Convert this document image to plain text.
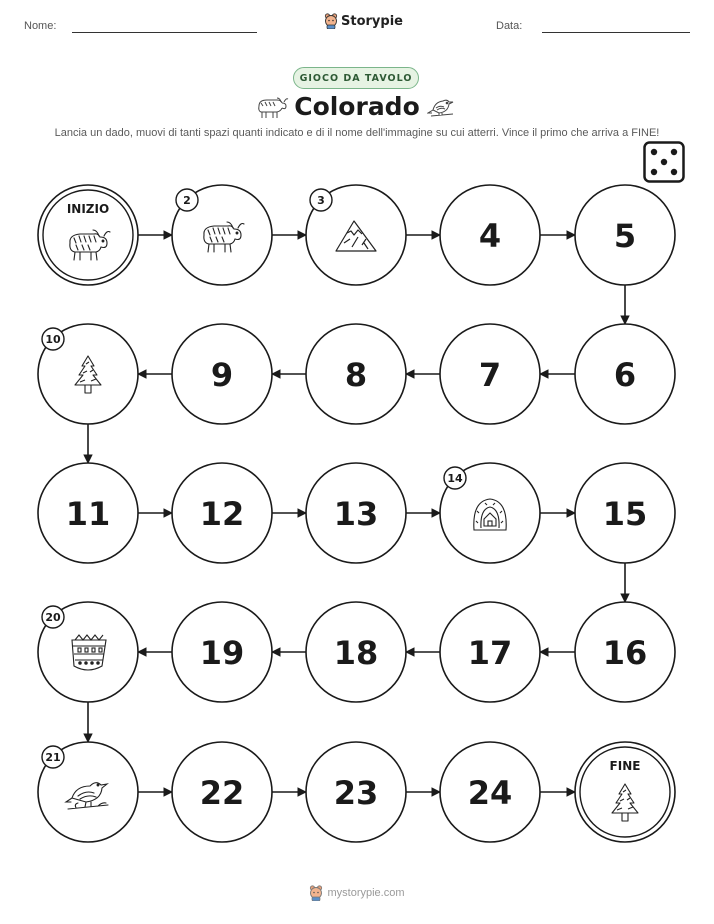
Nome:	Storypie	Data:
GIOCO DA TAVOLO
Colorado
Lancia un dado, muovi di tanti spazi quanti indicato e di il nome dell'immagine su cui atterri. Vince il primo che arriva a FINE!
INIZIO
2	3
4	5
6
7
8
9
10
11	12	13
14
15
16
17
18
19
20
21
22	23	24
FINE
mystorypie.com
